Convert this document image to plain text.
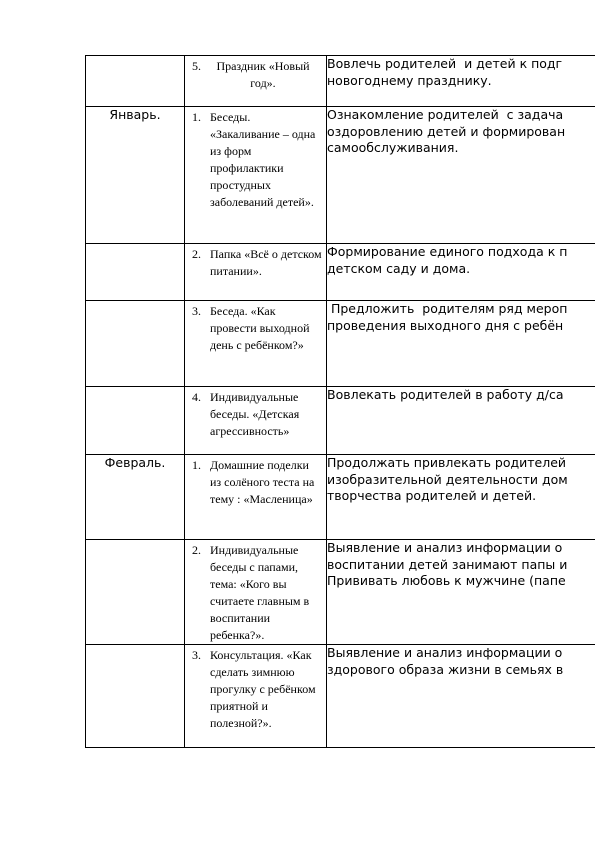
	5. Праздник «Новый год».	Вовлечь родителей  и детей к подг
новогоднему празднику.
Январь.	1. Беседы. «Закаливание – одна из форм профилактики простудных заболеваний детей».	Ознакомление родителей  с задача
оздоровлению детей и формирован
самообслуживания.

	2. Папка «Всё о детском питании».	Формирование единого подхода к п
детском саду и дома.

	3. Беседа. «Как провести выходной день с ребёнком?»	Предложить  родителям ряд мероп
проведения выходного дня с ребён

	4. Индивидуальные беседы. «Детская агрессивность»	Вовлекать родителей в работу д/са
Февраль.	1. Домашние поделки из солёного теста на тему : «Масленица»	Продолжать привлекать родителей
изобразительной деятельности дом
творчества родителей и детей.

	2. Индивидуальные беседы с папами, тема: «Кого вы считаете главным в воспитании ребенка?».	Выявление и анализ информации о
воспитании детей занимают папы и
Прививать любовь к мужчине (папе

	3. Консультация. «Как сделать зимнюю прогулку с ребёнком приятной и полезной?».	Выявление и анализ информации о
здорового образа жизни в семьях в
